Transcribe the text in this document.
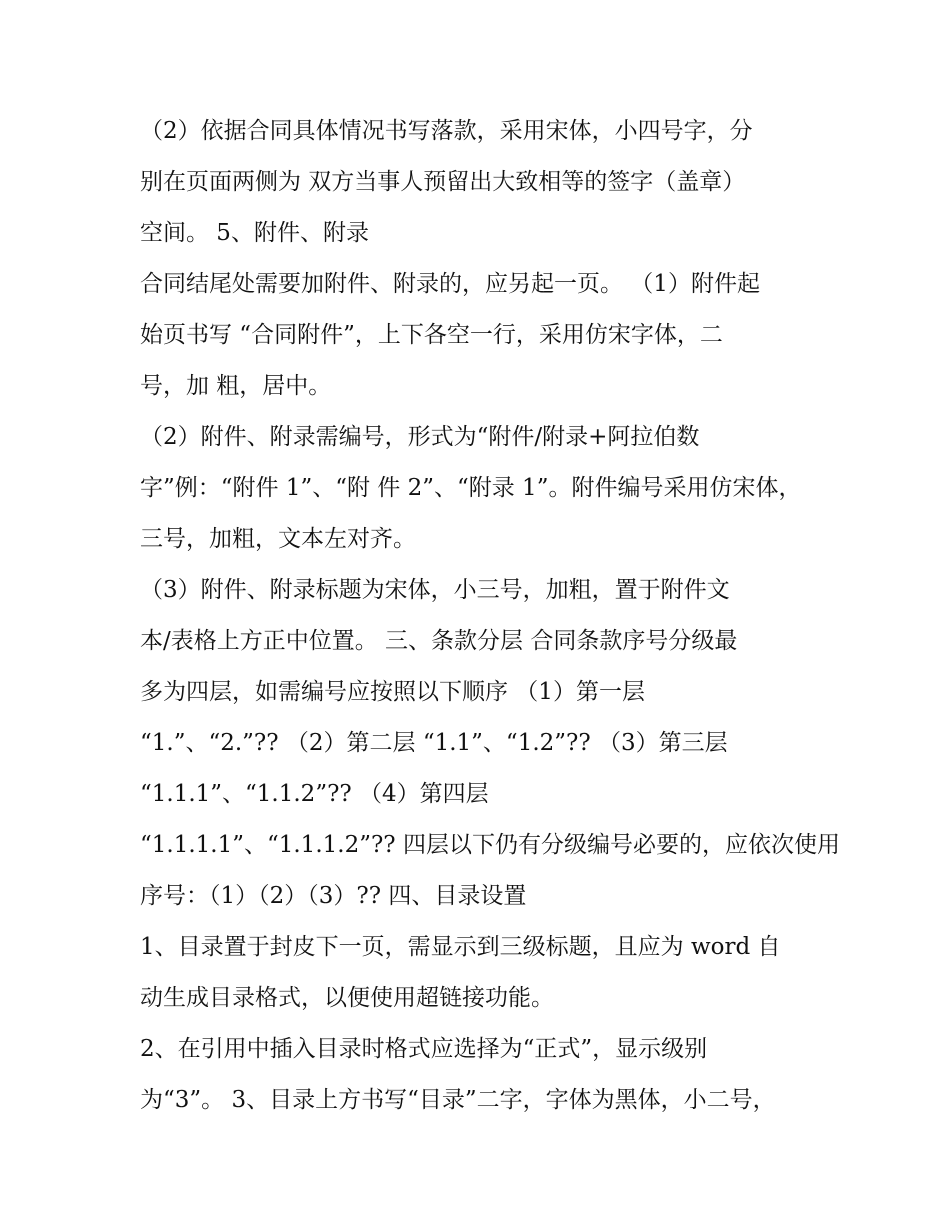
（2）依据合同具体情况书写落款，采用宋体，小四号字，分
别在页面两侧为 双方当事人预留出大致相等的签字（盖章）
空间。 5、附件、附录
合同结尾处需要加附件、附录的，应另起一页。 （1）附件起
始页书写 “合同附件”，上下各空一行，采用仿宋字体，二
号，加 粗，居中。
（2）附件、附录需编号，形式为“附件/附录+阿拉伯数
字”例：“附件 1”、“附 件 2”、“附录 1”。附件编号采用仿宋体，
三号，加粗，文本左对齐。
（3）附件、附录标题为宋体，小三号，加粗，置于附件文
本/表格上方正中位置。 三、条款分层 合同条款序号分级最
多为四层，如需编号应按照以下顺序 （1）第一层
“1.”、“2.”?? （2）第二层 “1.1”、“1.2”?? （3）第三层
“1.1.1”、“1.1.2”?? （4）第四层
“1.1.1.1”、“1.1.1.2”?? 四层以下仍有分级编号必要的，应依次使用
序号：（1）（2）（3）?? 四、目录设置
1、目录置于封皮下一页，需显示到三级标题，且应为 word 自
动生成目录格式，以便使用超链接功能。
2、在引用中插入目录时格式应选择为“正式”，显示级别
为“3”。 3、目录上方书写“目录”二字，字体为黑体，小二号，
